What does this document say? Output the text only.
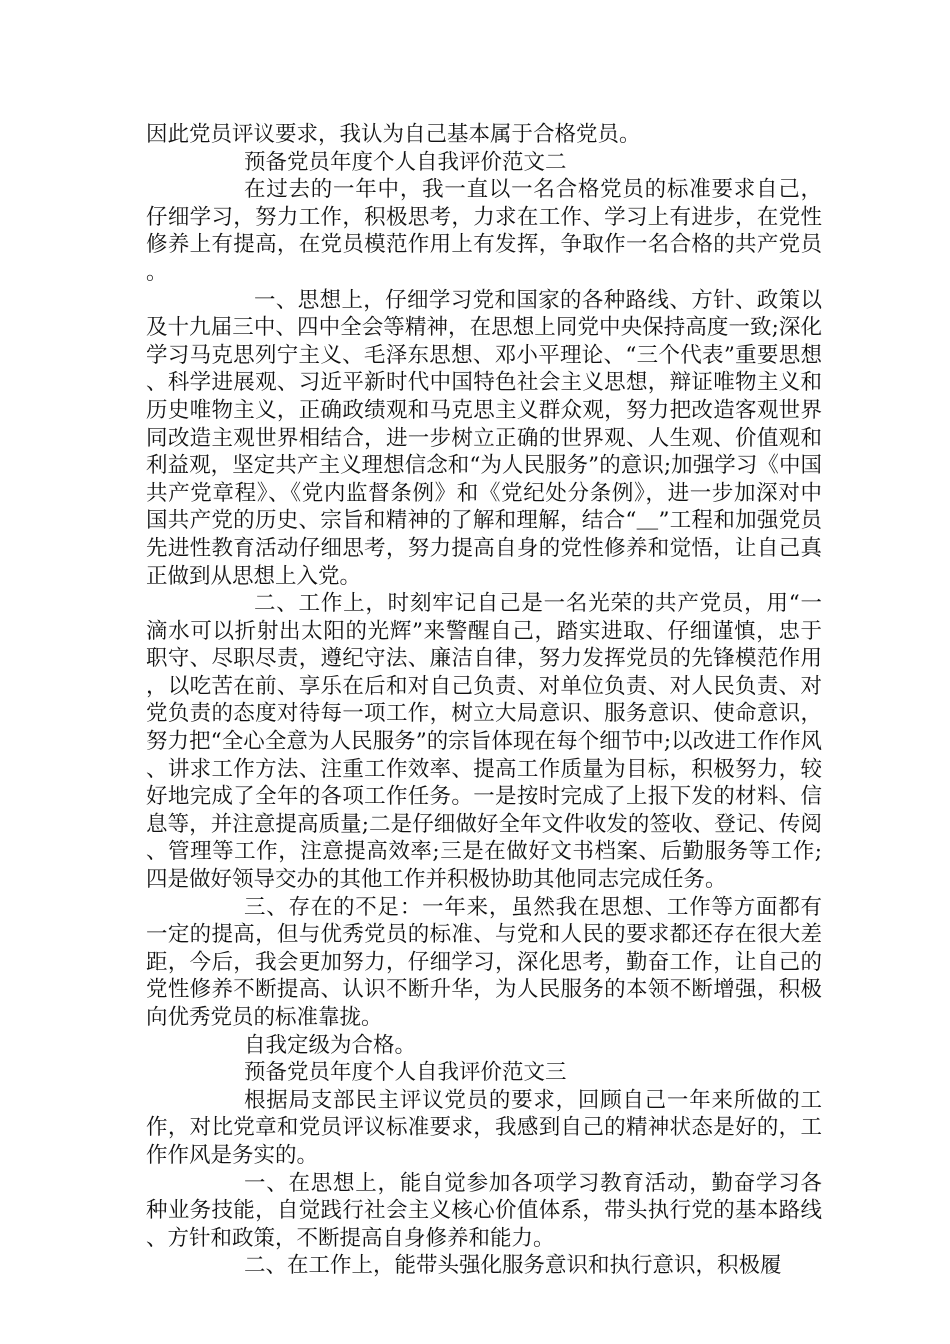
因此党员评议要求，我认为自己基本属于合格党员。

预备党员年度个人自我评价范文二

在过去的一年中，我一直以一名合格党员的标准要求自己，仔细学习，努力工作，积极思考，力求在工作、学习上有进步，在党性修养上有提高，在党员模范作用上有发挥，争取作一名合格的共产党员。

一、思想上，仔细学习党和国家的各种路线、方针、政策以及十九届三中、四中全会等精神，在思想上同党中央保持高度一致;深化学习马克思列宁主义、毛泽东思想、邓小平理论、“三个代表”重要思想、科学进展观、习近平新时代中国特色社会主义思想，辩证唯物主义和历史唯物主义，正确政绩观和马克思主义群众观，努力把改造客观世界同改造主观世界相结合，进一步树立正确的世界观、人生观、价值观和利益观，坚定共产主义理想信念和“为人民服务”的意识;加强学习《中国共产党章程》、《党内监督条例》和《党纪处分条例》，进一步加深对中国共产党的历史、宗旨和精神的了解和理解，结合“＿”工程和加强党员先进性教育活动仔细思考，努力提高自身的党性修养和觉悟，让自己真正做到从思想上入党。

二、工作上，时刻牢记自己是一名光荣的共产党员，用“一滴水可以折射出太阳的光辉”来警醒自己，踏实进取、仔细谨慎，忠于职守、尽职尽责，遵纪守法、廉洁自律，努力发挥党员的先锋模范作用，以吃苦在前、享乐在后和对自己负责、对单位负责、对人民负责、对党负责的态度对待每一项工作，树立大局意识、服务意识、使命意识，努力把“全心全意为人民服务”的宗旨体现在每个细节中;以改进工作作风、讲求工作方法、注重工作效率、提高工作质量为目标，积极努力，较好地完成了全年的各项工作任务。一是按时完成了上报下发的材料、信息等，并注意提高质量;二是仔细做好全年文件收发的签收、登记、传阅、管理等工作，注意提高效率;三是在做好文书档案、后勤服务等工作;四是做好领导交办的其他工作并积极协助其他同志完成任务。

三、存在的不足：一年来，虽然我在思想、工作等方面都有一定的提高，但与优秀党员的标准、与党和人民的要求都还存在很大差距，今后，我会更加努力，仔细学习，深化思考，勤奋工作，让自己的党性修养不断提高、认识不断升华，为人民服务的本领不断增强，积极向优秀党员的标准靠拢。

自我定级为合格。

预备党员年度个人自我评价范文三

根据局支部民主评议党员的要求，回顾自己一年来所做的工作，对比党章和党员评议标准要求，我感到自己的精神状态是好的，工作作风是务实的。

一、在思想上，能自觉参加各项学习教育活动，勤奋学习各种业务技能，自觉践行社会主义核心价值体系，带头执行党的基本路线、方针和政策，不断提高自身修养和能力。

二、在工作上，能带头强化服务意识和执行意识，积极履
